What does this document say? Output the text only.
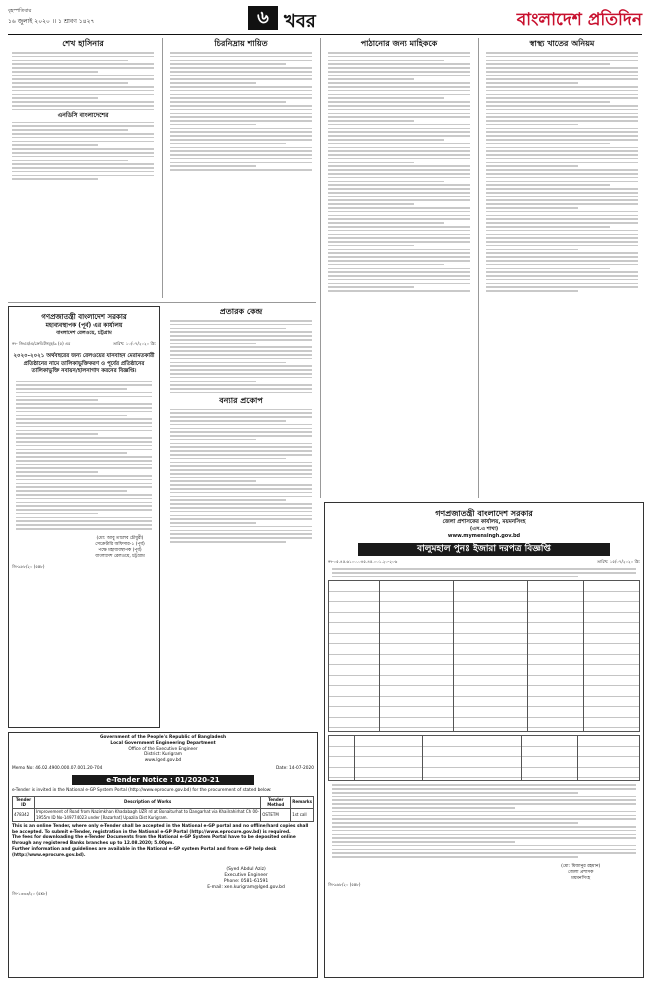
বৃহস্পতিবার
১৬ জুলাই ২০২০ ।। ১ শ্রাবণ ১৪২৭	৬ খবর	বাংলাদেশ প্রতিদিন
শেখ হাসিনার
এনডিসি বাংলাদেশের
চিরনিদ্রায় শায়িত	পাঠানোর জন্য মাহিককে	স্বাস্থ্য খাতের অনিয়ম
গণপ্রজাতন্ত্রী বাংলাদেশ সরকার
মহাব্যবস্থাপক (পূর্ব) এর কার্যালয়
বাংলাদেশ রেলওয়ে, চট্টগ্রাম
নং- জিএম/এ/ক্রেডিটসমূহ/৯ (৫) এর	তারিখ: ১০/০৭/২০২০ খ্রি:
২০২০-২০২১ অর্থবছরের জন্য রেলওয়ের যানবাহন মেরামতকারী প্রতিষ্ঠানের নামে তালিকাভুক্তিকরণ ও পূর্বের প্রতিষ্ঠানের তালিকাভুক্তি নবায়ন/হালনাগাদ করনের বিজ্ঞপ্তি।
(মো: আবু তালেব চৌধুরী)
সেক্রেটারি অফিসার-১ (পূর্ব)
পক্ষে মহাব্যবস্থাপক (পূর্ব)
বাংলাদেশ রেলওয়ে, চট্টগ্রাম
জি-৯৮৮/২০ (৫x৮)
প্রতারক কেন্দ্র
বন্যার প্রকোপ
Government of the People's Republic of Bangladesh
Local Government Engineering Department
Office of the Executive Engineer
District: Kurigram
www.lged.gov.bd
Memo No: 46.02.4900.000.07.001.20-704	Date: 14-07-2020
e-Tender Notice : 01/2020-21
e-Tender is invited in the National e-GP System Portal (http://www.eprocure.gov.bd) for the procurement of stated below:
Tender ID	Description of Works	Tender Method	Remarks
478342	Improvement of Road from Nazimkhan Khadabagh UZR rd at Bonaiturhat to Dangarhat via Khailrahirhat Ch 00-1955m ID No-149774023 under [Razarhat] Upazila Dist Kurigram.	OSTETM	1st call
This is an online Tender, where only e-Tender shall be accepted in the National e-GP portal and no offline/hard copies shall be accepted. To submit e-Tender, registration in the National e-GP Portal (http://www.eprocure.gov.bd) is required.
The fees for downloading the e-Tender Documents from the National e-GP System Portal have to be deposited online through any registered Banks branches up to 12.08.2020; 5.00pm.
Further information and guidelines are available in the National e-GP system Portal and from e-GP help desk (http://www.eprocure.gov.bd).
(Syed Abdul Aziz)
Executive Engineer
Phone: 0581-61591
E-mail: xen.kurigram@lged.gov.bd
জি-১৩৩৩/২০ (৫x৮)
গণপ্রজাতন্ত্রী বাংলাদেশ সরকার
জেলা প্রশাসকের কার্যালয়, ময়মনসিংহ
(এস.এ শাখা)
www.mymensingh.gov.bd
বালুমহাল পুনঃ ইজারা দরপত্র বিজ্ঞপ্তি
নং-০৫.৪৫.৬১০০.০৪৫.৪৫.০০১.২০-২০৬	তারিখ: ১৫/০৭/২০২০ খ্রি:
(মো: মিজানুর রহমান)
জেলা প্রশাসক
ময়মনসিংহ
জি-৯৬৮/২০ (৫x৮)
